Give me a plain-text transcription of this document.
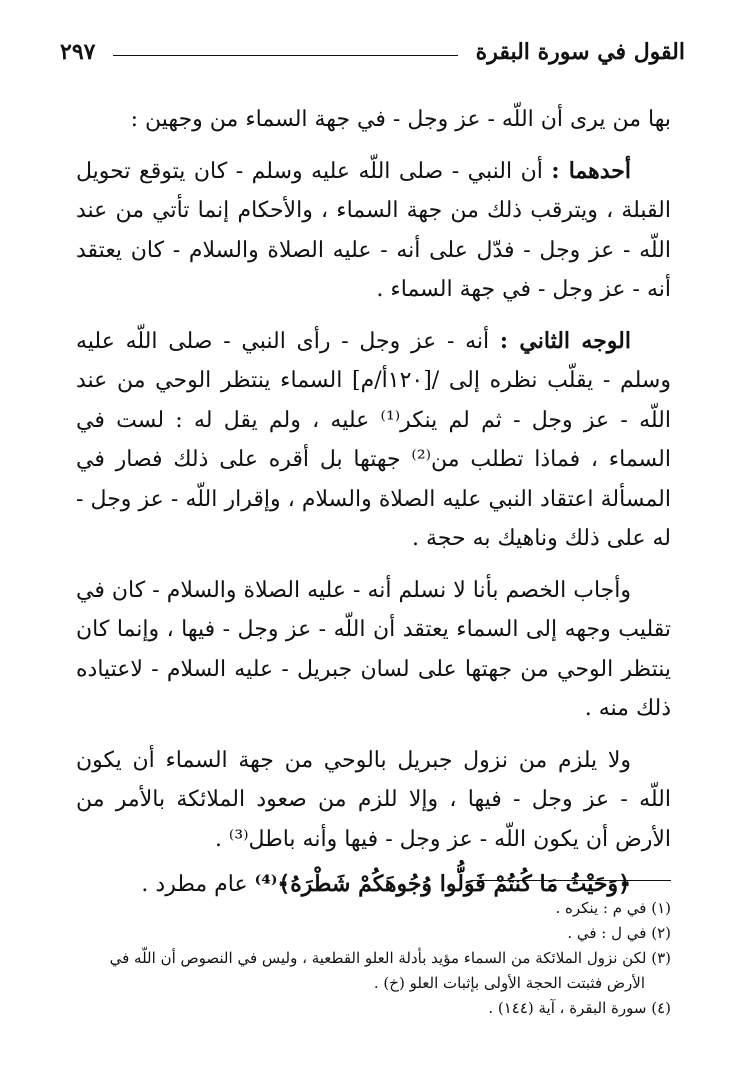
القول في سورة البقرة
٢٩٧

بها من يرى أن اللّه - عز وجل - في جهة السماء من وجهين :

أحدهما : أن النبي - صلى اللّه عليه وسلم - كان يتوقع تحويل القبلة ، ويترقب ذلك من جهة السماء ، والأحكام إنما تأتي من عند اللّه - عز وجل - فدّل على أنه - عليه الصلاة والسلام - كان يعتقد أنه - عز وجل - في جهة السماء .

الوجه الثاني : أنه - عز وجل - رأى النبي - صلى اللّه عليه وسلم - يقلّب نظره إلى /[١٢٠أ/م] السماء ينتظر الوحي من عند اللّه - عز وجل - ثم لم ينكر⁽¹⁾ عليه ، ولم يقل له : لست في السماء ، فماذا تطلب من⁽²⁾ جهتها بل أقره على ذلك فصار في المسألة اعتقاد النبي عليه الصلاة والسلام ، وإقرار اللّه - عز وجل - له على ذلك وناهيك به حجة .

وأجاب الخصم بأنا لا نسلم أنه - عليه الصلاة والسلام - كان في تقليب وجهه إلى السماء يعتقد أن اللّه - عز وجل - فيها ، وإنما كان ينتظر الوحي من جهتها على لسان جبريل - عليه السلام - لاعتياده ذلك منه .

ولا يلزم من نزول جبريل بالوحي من جهة السماء أن يكون اللّه - عز وجل - فيها ، وإلا للزم من صعود الملائكة بالأمر من الأرض أن يكون اللّه - عز وجل - فيها وأنه باطل⁽³⁾ .

﴿وَحَيْثُ مَا كُنتُمْ فَوَلُّوا وُجُوهَكُمْ شَطْرَهُ﴾⁽⁴⁾ عام مطرد .

(١) في م : ينكره .

(٢) في ل : في .

(٣) لكن نزول الملائكة من السماء مؤيد بأدلة العلو القطعية ، وليس في النصوص أن اللّه في

الأرض فثبتت الحجة الأولى بإثبات العلو (خ) .

(٤) سورة البقرة ، آية (١٤٤) .
